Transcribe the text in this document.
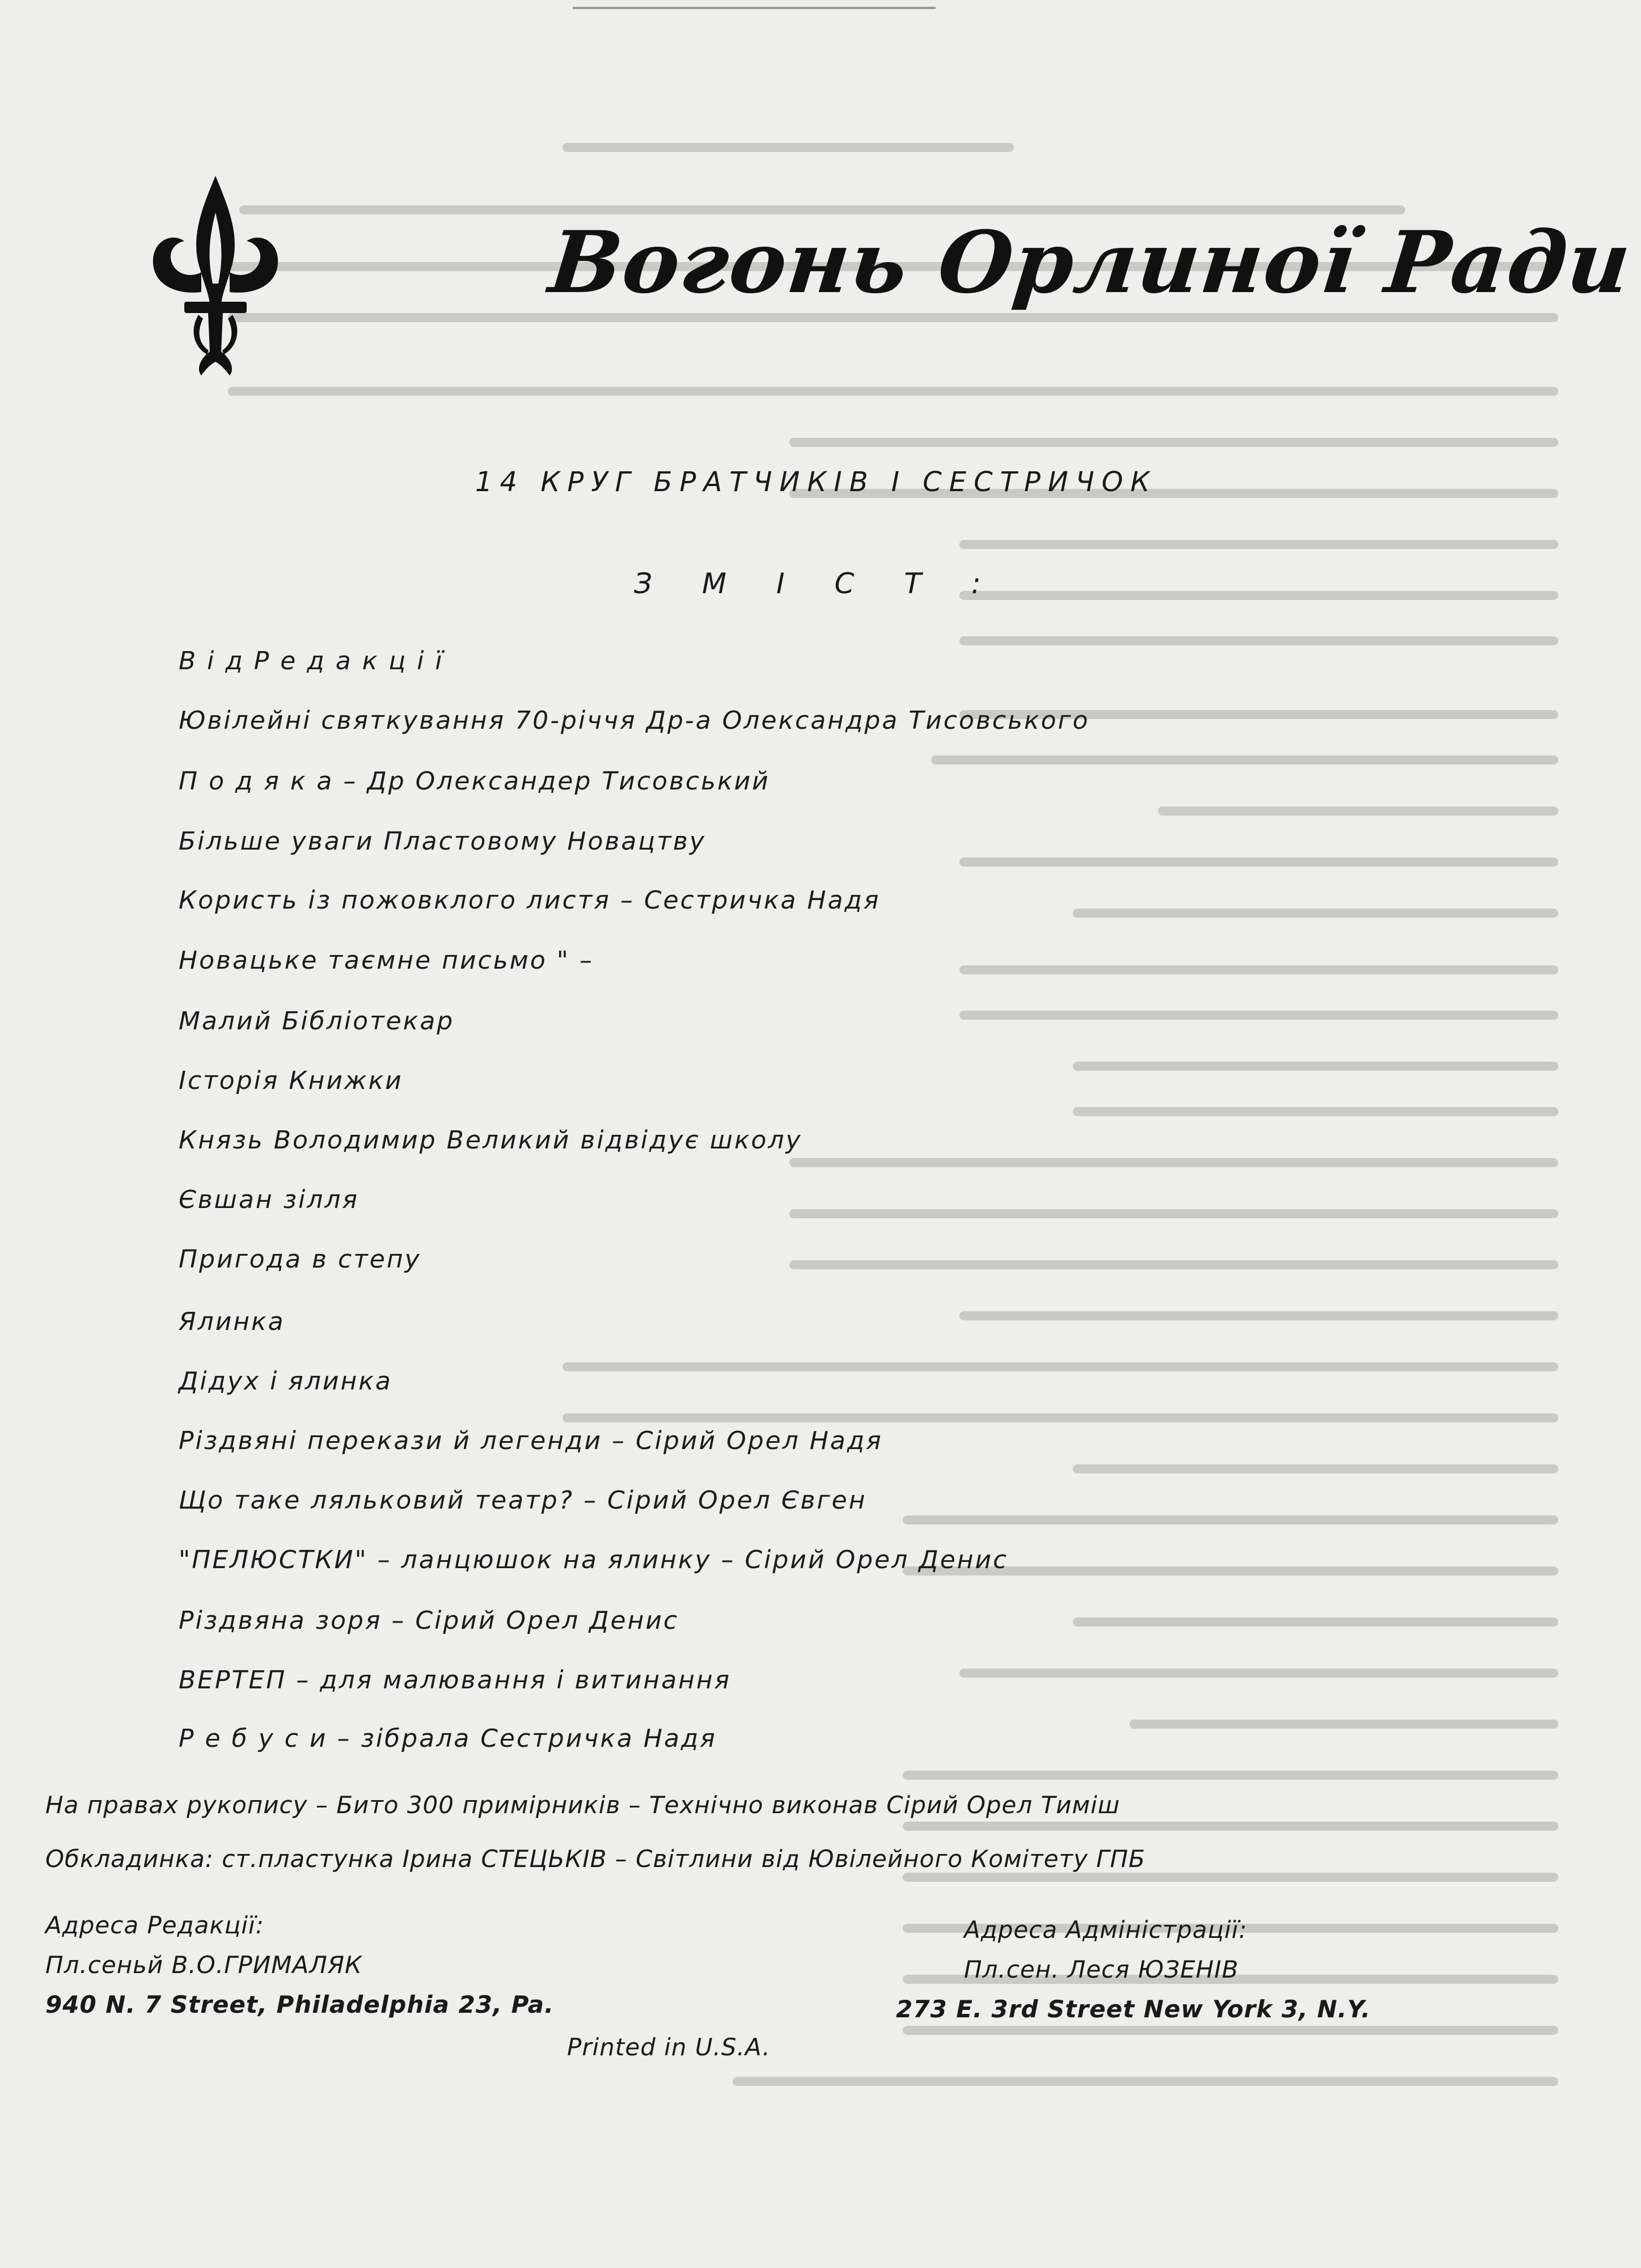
Вогонь Орлиної Ради
14 КРУГ БРАТЧИКІВ І СЕСТРИЧОК
З М І С Т :
В і д Р е д а к ц і ї
Ювілейні святкування 70-річчя Др-а Олександра Тисовського
П о д я к а – Др Олександер Тисовський
Більше уваги Пластовому Новацтву
Користь із пожовклого листя – Сестричка Надя
Новацьке таємне письмо " –
Малий Бібліотекар
Історія Книжки
Князь Володимир Великий відвідує школу
Євшан зілля
Пригода в степу
Ялинка
Дідух і ялинка
Різдвяні перекази й легенди – Сірий Орел Надя
Що таке ляльковий театр? – Сірий Орел Євген
"ПЕЛЮСТКИ" – ланцюшок на ялинку – Сірий Орел Денис
Різдвяна зоря – Сірий Орел Денис
ВЕРТЕП – для малювання і витинання
Р е б у с и – зібрала Сестричка Надя
На правах рукопису – Бито 300 примірників – Технічно виконав Сірий Орел Тиміш
Обкладинка: ст.пластунка Ірина СТЕЦЬКІВ – Світлини від Ювілейного Комітету ГПБ
Адреса Редакції:
Пл.сеньй В.О.ГРИМАЛЯК
940 N. 7 Street, Philadelphia 23, Pa.
Адреса Адміністрації:
Пл.сен. Леся ЮЗЕНІВ
273 E. 3rd Street New York 3, N.Y.
Printed in U.S.A.
